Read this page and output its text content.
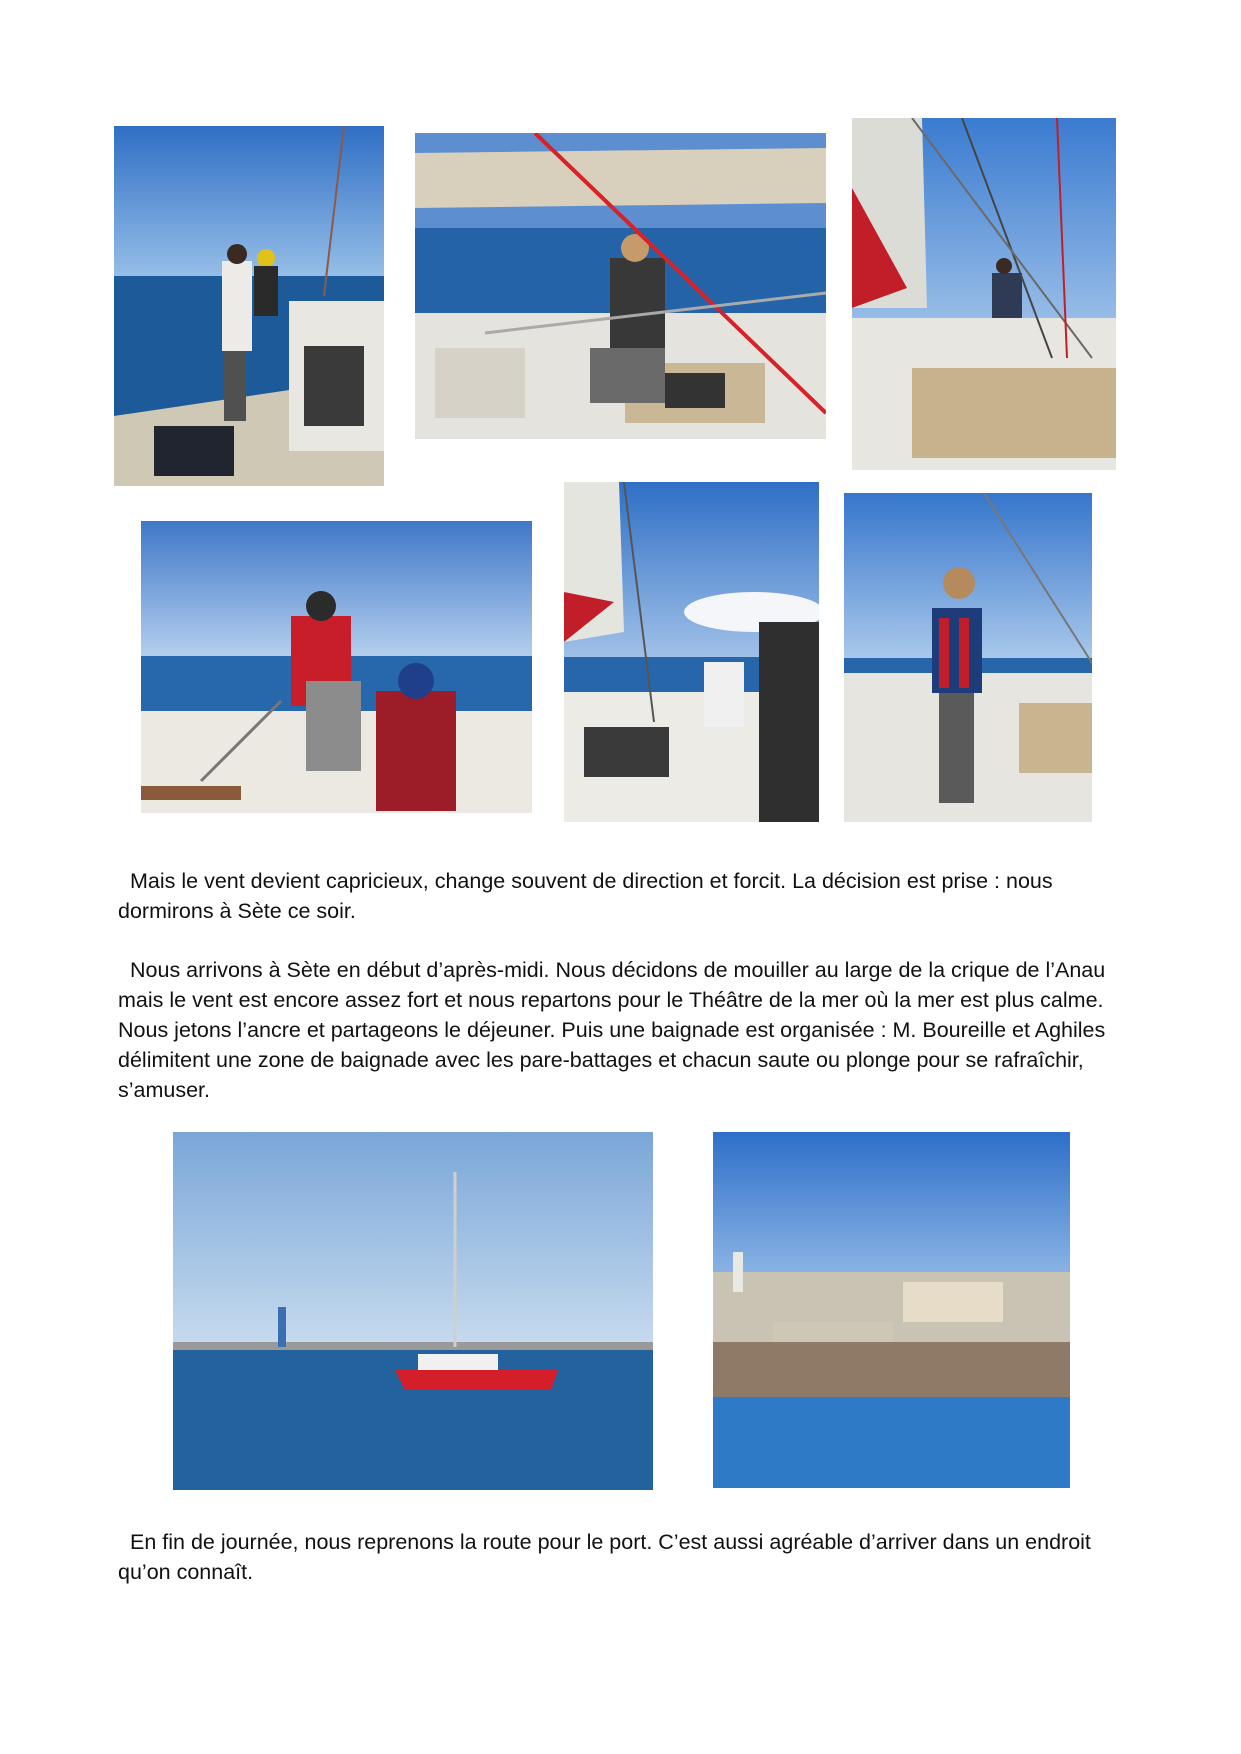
Mais le vent devient capricieux, change souvent de direction et forcit. La décision est prise : nous dormirons à Sète ce soir.

Nous arrivons à Sète en début d’après-midi. Nous décidons de mouiller au large de la crique de l’Anau mais le vent est encore assez fort et nous repartons pour le Théâtre de la mer où la mer est plus calme. Nous jetons l’ancre et partageons le déjeuner. Puis une baignade est organisée : M. Boureille et Aghiles délimitent une zone de baignade avec les pare-battages et chacun saute ou plonge pour se rafraîchir, s’amuser.

En fin de journée, nous reprenons la route pour le port. C’est aussi agréable d’arriver dans un endroit qu’on connaît.
